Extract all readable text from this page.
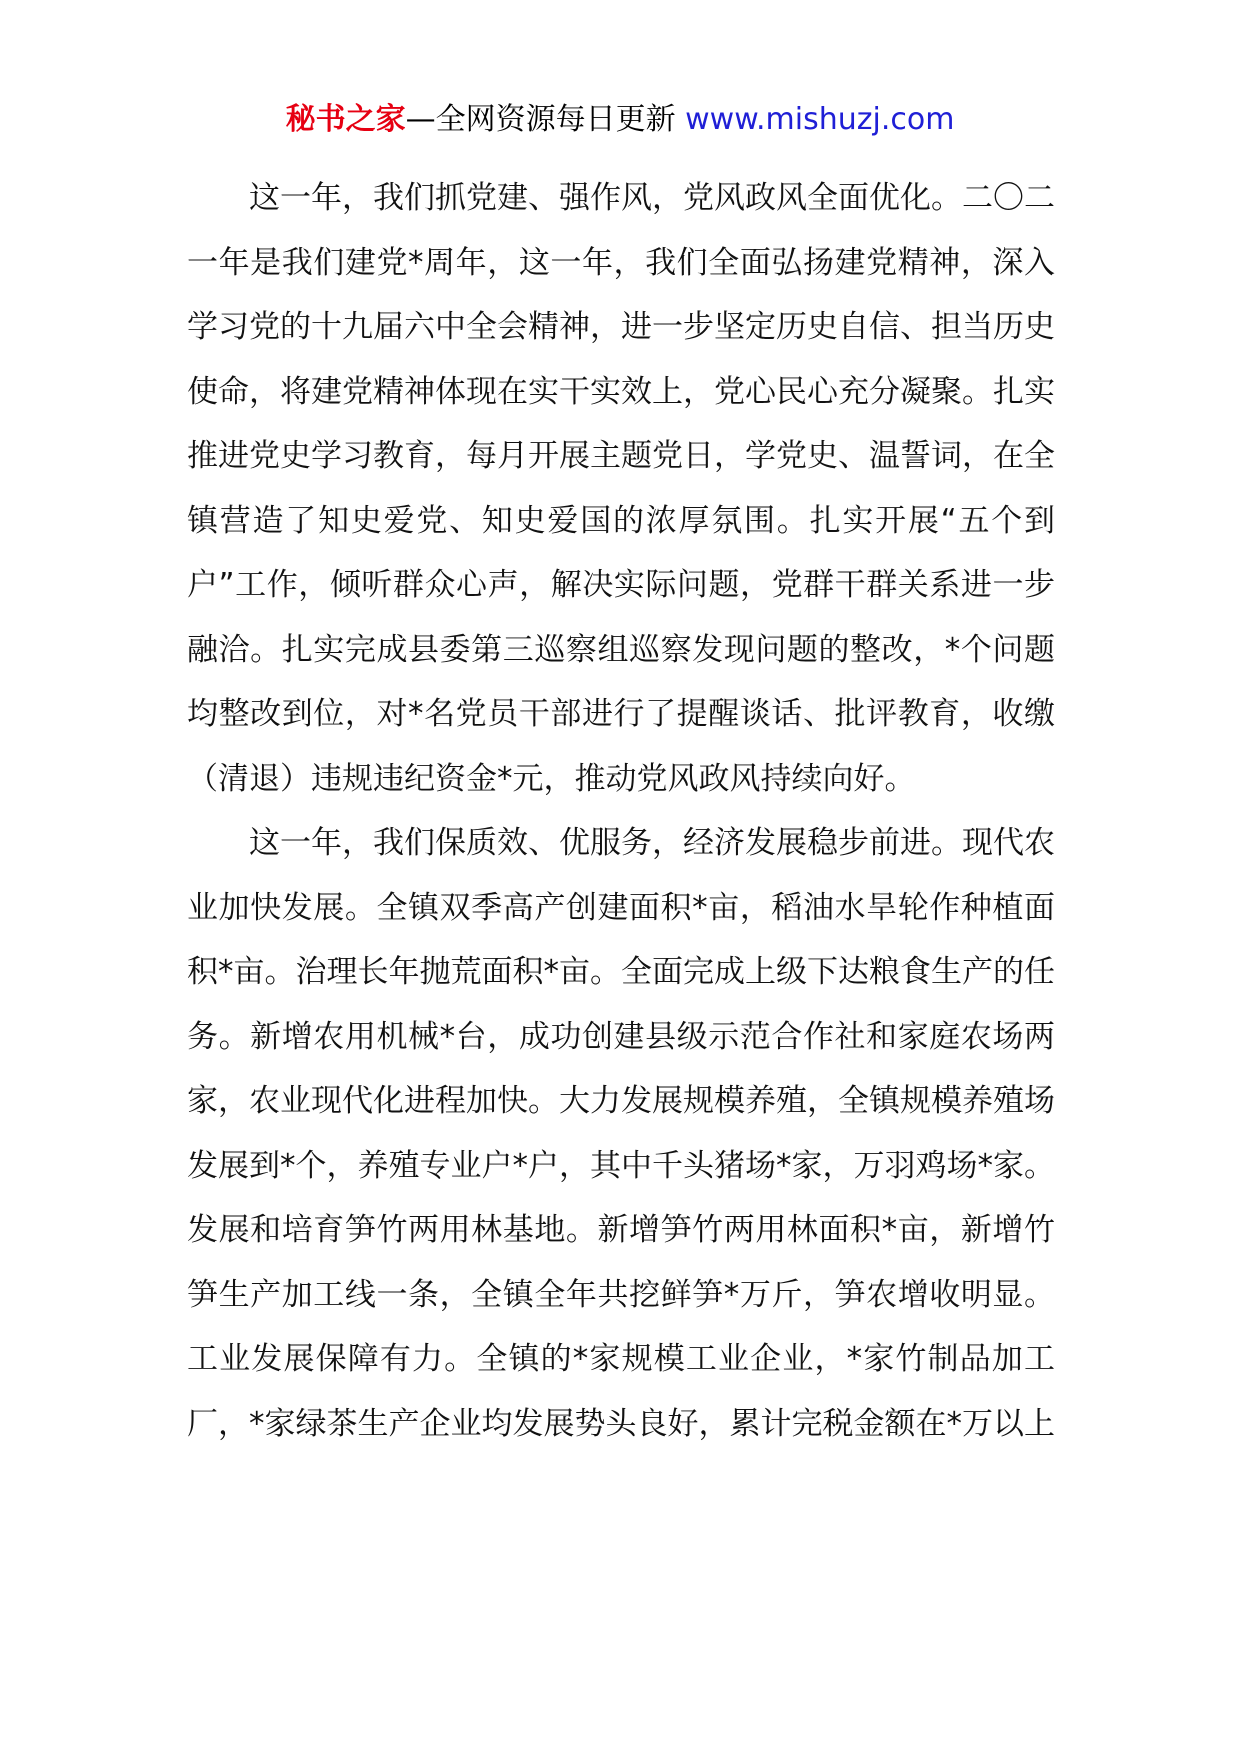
秘书之家—全网资源每日更新 www.mishuzj.com

这一年，我们抓党建、强作风，党风政风全面优化。二〇二一年是我们建党*周年，这一年，我们全面弘扬建党精神，深入学习党的十九届六中全会精神，进一步坚定历史自信、担当历史使命，将建党精神体现在实干实效上，党心民心充分凝聚。扎实推进党史学习教育，每月开展主题党日，学党史、温誓词，在全镇营造了知史爱党、知史爱国的浓厚氛围。扎实开展“五个到户”工作，倾听群众心声，解决实际问题，党群干群关系进一步融洽。扎实完成县委第三巡察组巡察发现问题的整改，*个问题均整改到位，对*名党员干部进行了提醒谈话、批评教育，收缴（清退）违规违纪资金*元，推动党风政风持续向好。

这一年，我们保质效、优服务，经济发展稳步前进。现代农业加快发展。全镇双季高产创建面积*亩，稻油水旱轮作种植面积*亩。治理长年抛荒面积*亩。全面完成上级下达粮食生产的任务。新增农用机械*台，成功创建县级示范合作社和家庭农场两家，农业现代化进程加快。大力发展规模养殖，全镇规模养殖场发展到*个，养殖专业户*户，其中千头猪场*家，万羽鸡场*家。发展和培育笋竹两用林基地。新增笋竹两用林面积*亩，新增竹笋生产加工线一条，全镇全年共挖鲜笋*万斤，笋农增收明显。工业发展保障有力。全镇的*家规模工业企业，*家竹制品加工厂，*家绿茶生产企业均发展势头良好，累计完税金额在*万以上
